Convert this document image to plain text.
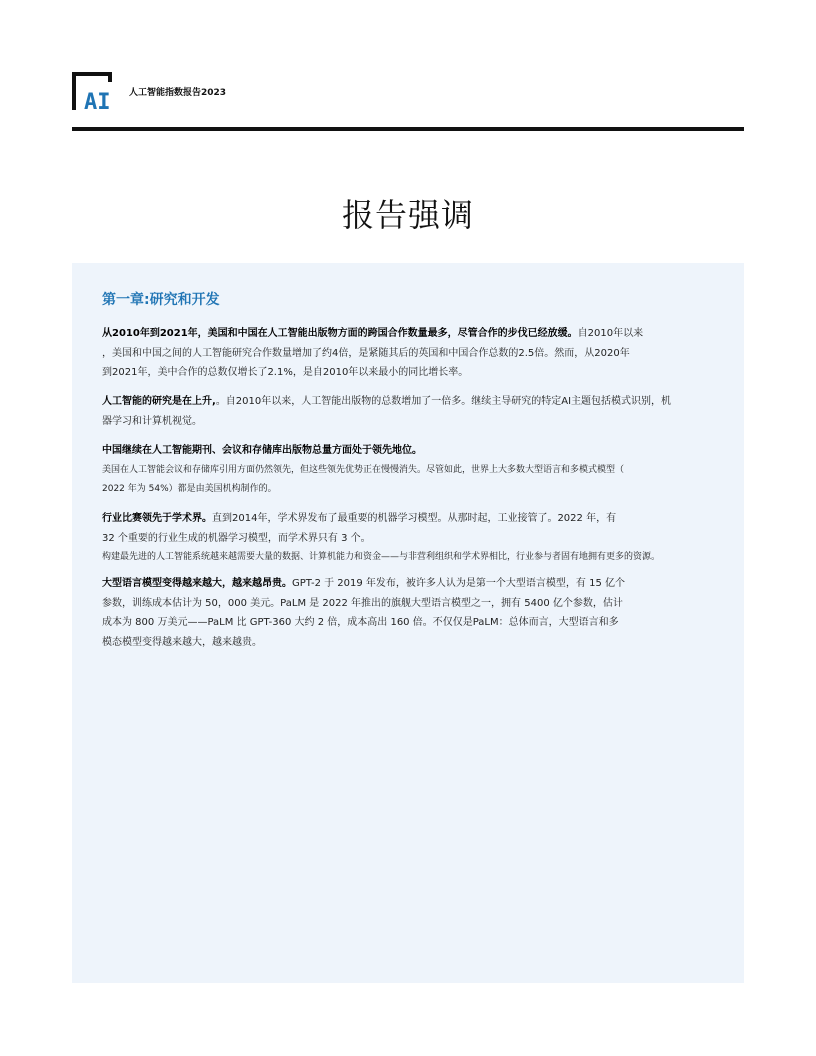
AI 人工智能指数报告2023
报告强调
第一章:研究和开发
从2010年到2021年，美国和中国在人工智能出版物方面的跨国合作数量最多，尽管合作的步伐已经放缓。自2010年以来
，美国和中国之间的人工智能研究合作数量增加了约4倍，是紧随其后的英国和中国合作总数的2.5倍。然而，从2020年
到2021年，美中合作的总数仅增长了2.1%，是自2010年以来最小的同比增长率。
人工智能的研究是在上升,。自2010年以来，人工智能出版物的总数增加了一倍多。继续主导研究的特定AI主题包括模式识别，机
器学习和计算机视觉。
中国继续在人工智能期刊、会议和存储库出版物总量方面处于领先地位。
美国在人工智能会议和存储库引用方面仍然领先，但这些领先优势正在慢慢消失。尽管如此，世界上大多数大型语言和多模式模型（
2022 年为 54%）都是由美国机构制作的。
行业比赛领先于学术界。直到2014年，学术界发布了最重要的机器学习模型。从那时起，工业接管了。2022 年，有
32 个重要的行业生成的机器学习模型，而学术界只有 3 个。
构建最先进的人工智能系统越来越需要大量的数据、计算机能力和资金——与非营利组织和学术界相比，行业参与者固有地拥有更多的资源。
大型语言模型变得越来越大，越来越昂贵。GPT-2 于 2019 年发布，被许多人认为是第一个大型语言模型，有 15 亿个
参数，训练成本估计为 50，000 美元。PaLM 是 2022 年推出的旗舰大型语言模型之一，拥有 5400 亿个参数，估计
成本为 800 万美元——PaLM 比 GPT-360 大约 2 倍，成本高出 160 倍。不仅仅是PaLM：总体而言，大型语言和多
模态模型变得越来越大，越来越贵。
